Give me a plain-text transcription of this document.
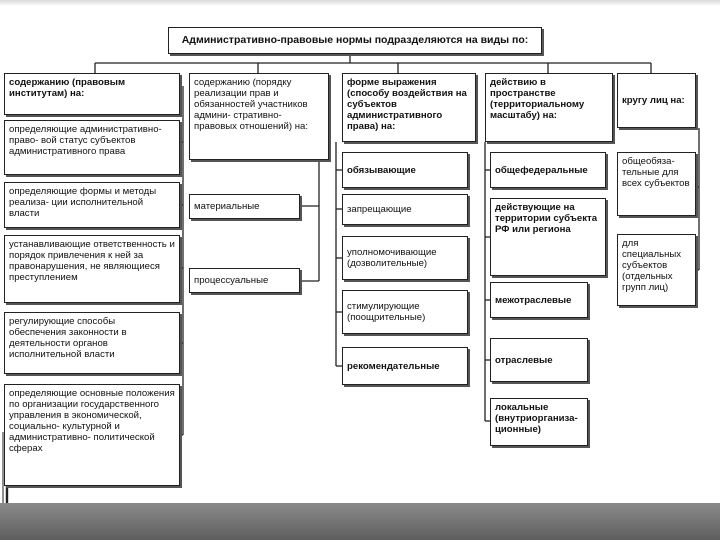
Административно-правовые нормы подразделяются на виды по:
содержанию (правовым институтам) на:
определяющие административно-право- вой статус субъектов административного права
определяющие формы и методы реализа- ции исполнительной власти
устанавливающие ответственность и порядок привлечения к ней за правонарушения, не являющиеся преступлением
регулирующие способы обеспечения законности в деятельности органов исполнительной власти
определяющие основные положения по организации государственного управления в экономической, социально- культурной и административно- политической сферах
содержанию (порядку реализации прав и обязанностей участников админи- стративно-правовых отношений) на:
материальные
процессуальные
форме выражения (способу воздействия на субъектов административного права) на:
обязывающие
запрещающие
уполномочивающие (дозволительные)
стимулирующие (поощрительные)
рекомендательные
действию в пространстве (территориальному масштабу) на:
общефедеральные
действующие на территории субъекта РФ или региона
межотраслевые
отраслевые
локальные (внутриорганиза- ционные)
кругу лиц на:
общеобяза- тельные для всех субъектов
для специальных субъектов (отдельных групп лиц)
